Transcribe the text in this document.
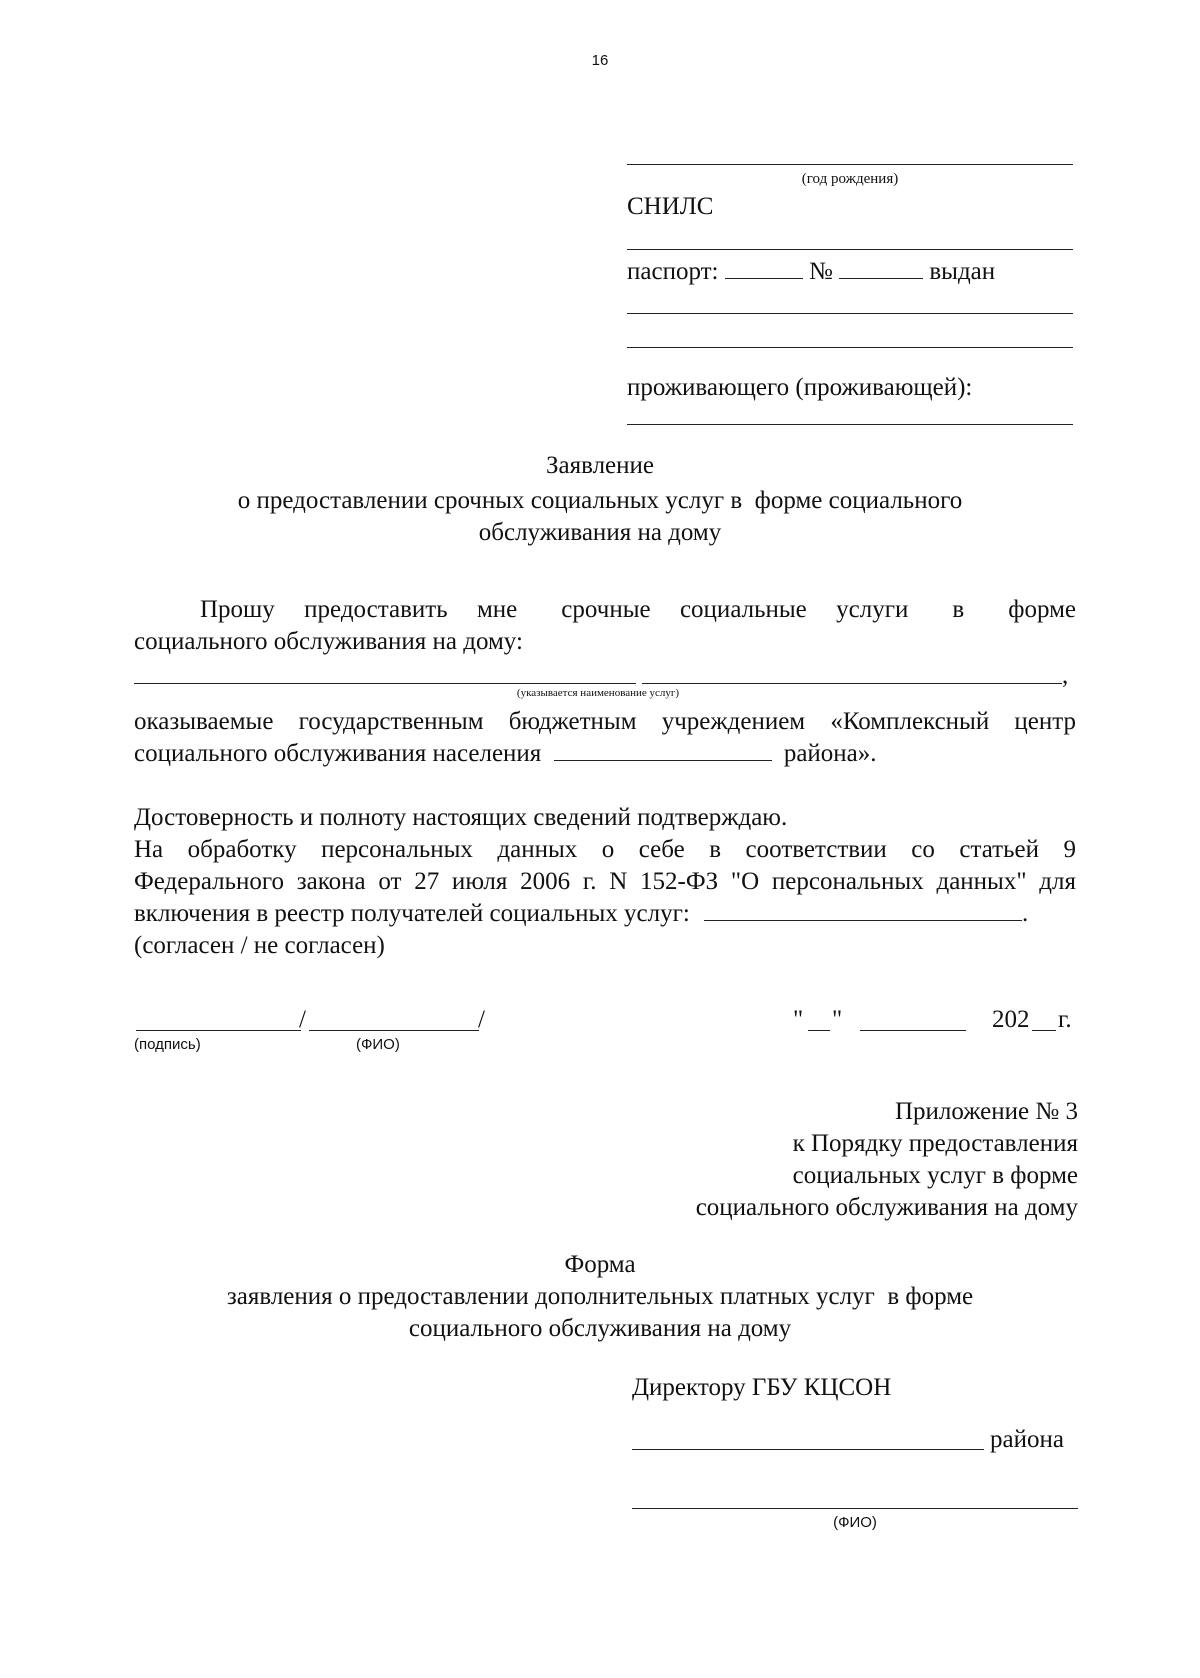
16
(год рождения)
СНИЛС
паспорт:	№	выдан
проживающего (проживающей):
Заявление
о предоставлении срочных социальных услуг в  форме социального
обслуживания на дому
Прошу  предоставить  мне   срочные  социальные  услуги   в   форме
социального обслуживания на дому:
,
(указывается наименование услуг)
оказываемые государственным бюджетным учреждением «Комплексный центр
социального обслуживания населения	района».
Достоверность и полноту настоящих сведений подтверждаю.
На  обработку  персональных  данных  о  себе  в  соответствии  со  статьей  9
Федерального закона от 27 июля 2006 г. N 152-ФЗ "О персональных данных" для
включения в реестр получателей социальных услуг:	.
(согласен / не согласен)
/	/
(подпись)	(ФИО)
" "	202 г.
Приложение № 3
к Порядку предоставления
социальных услуг в форме
социального обслуживания на дому
Форма
заявления о предоставлении дополнительных платных услуг  в форме
социального обслуживания на дому
Директору ГБУ КЦСОН
района
(ФИО)
